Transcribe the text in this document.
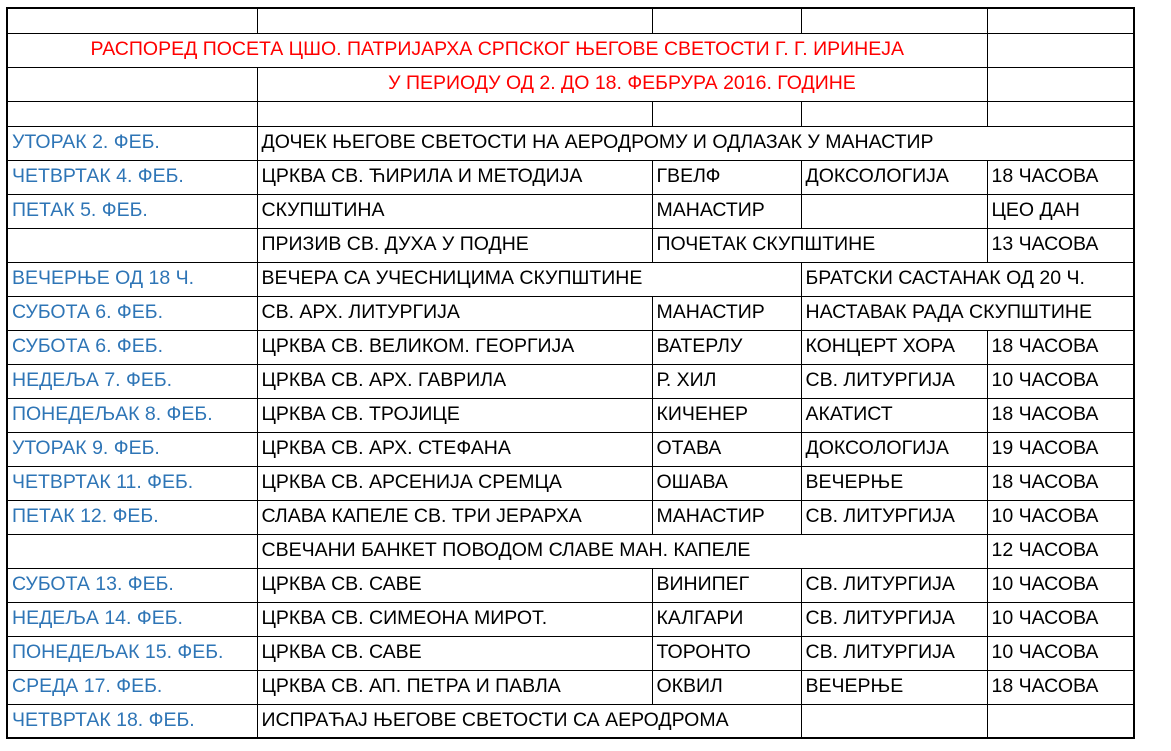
РАСПОРЕД ПОСЕТА ЦШО. ПАТРИЈАРХА СРПСКОГ ЊЕГОВЕ СВЕТОСТИ Г. Г. ИРИНЕЈА				
	У ПЕРИОДУ ОД 2. ДО 18. ФЕБРУРА 2016. ГОДИНЕ			

УТОРАК 2. ФЕБ.	ДОЧЕК ЊЕГОВЕ СВЕТОСТИ НА АЕРОДРОМУ И ОДЛАЗАК У МАНАСТИР			
ЧЕТВРТАК 4. ФЕБ.	ЦРКВА СВ. ЋИРИЛА И МЕТОДИЈА	ГВЕЛФ	ДОКСОЛОГИЈА	18 ЧАСОВА
ПЕТАК 5. ФЕБ.	СКУПШТИНА	МАНАСТИР		ЦЕО ДАН
	ПРИЗИВ СВ. ДУХА У ПОДНЕ	ПОЧЕТАК СКУПШТИНЕ		13 ЧАСОВА
ВЕЧЕРЊЕ ОД 18 Ч.	ВЕЧЕРА СА УЧЕСНИЦИМА СКУПШТИНЕ		БРАТСКИ САСТАНАК ОД 20 Ч.	
СУБОТА 6. ФЕБ.	СВ. АРХ. ЛИТУРГИЈА	МАНАСТИР	НАСТАВАК РАДА СКУПШТИНЕ	
СУБОТА 6. ФЕБ.	ЦРКВА СВ. ВЕЛИКОМ. ГЕОРГИЈА	ВАТЕРЛУ	КОНЦЕРТ ХОРА	18 ЧАСОВА
НЕДЕЉА 7. ФЕБ.	ЦРКВА СВ. АРХ. ГАВРИЛА	Р. ХИЛ	СВ. ЛИТУРГИЈА	10 ЧАСОВА
ПОНЕДЕЉАК 8. ФЕБ.	ЦРКВА СВ. ТРОЈИЦЕ	КИЧЕНЕР	АКАТИСТ	18 ЧАСОВА
УТОРАК 9. ФЕБ.	ЦРКВА СВ. АРХ. СТЕФАНА	ОТАВА	ДОКСОЛОГИЈА	19 ЧАСОВА
ЧЕТВРТАК 11. ФЕБ.	ЦРКВА СВ. АРСЕНИЈА СРЕМЦА	ОШАВА	ВЕЧЕРЊЕ	18 ЧАСОВА
ПЕТАК 12. ФЕБ.	СЛАВА КАПЕЛЕ СВ. ТРИ ЈЕРАРХА	МАНАСТИР	СВ. ЛИТУРГИЈА	10 ЧАСОВА
	СВЕЧАНИ БАНКЕТ ПОВОДОМ СЛАВЕ МАН. КАПЕЛЕ			12 ЧАСОВА
СУБОТА 13. ФЕБ.	ЦРКВА СВ. САВЕ	ВИНИПЕГ	СВ. ЛИТУРГИЈА	10 ЧАСОВА
НЕДЕЉА 14. ФЕБ.	ЦРКВА СВ. СИМЕОНА МИРОТ.	КАЛГАРИ	СВ. ЛИТУРГИЈА	10 ЧАСОВА
ПОНЕДЕЉАК 15. ФЕБ.	ЦРКВА СВ. САВЕ	ТОРОНТО	СВ. ЛИТУРГИЈА	10 ЧАСОВА
СРЕДА 17. ФЕБ.	ЦРКВА СВ. АП. ПЕТРА И ПАВЛА	ОКВИЛ	ВЕЧЕРЊЕ	18 ЧАСОВА
ЧЕТВРТАК 18. ФЕБ.	ИСПРАЋАЈ ЊЕГОВЕ СВЕТОСТИ СА АЕРОДРОМА			
